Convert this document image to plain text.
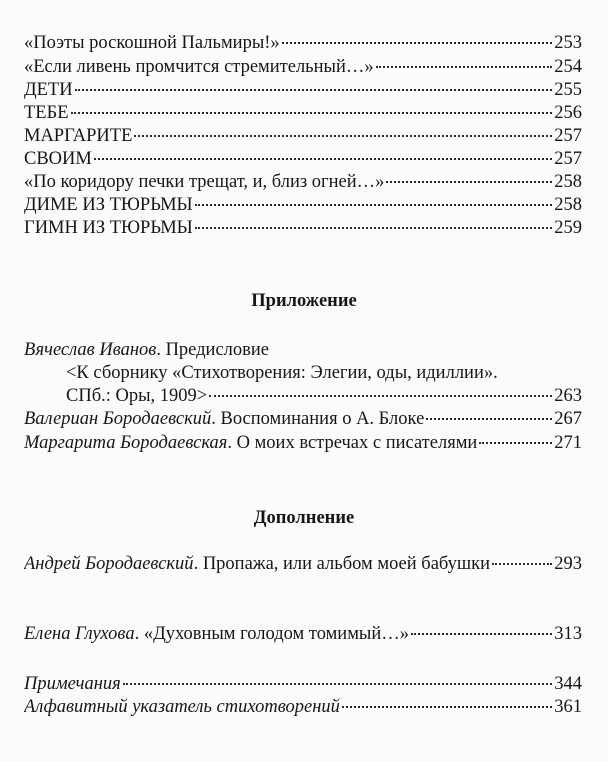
«Поэты роскошной Пальмиры!»	253
«Если ливень промчится стремительный…»	254
ДЕТИ	255
ТЕБЕ	256
МАРГАРИТЕ	257
СВОИМ	257
«По коридору печки трещат, и, близ огней…»	258
ДИМЕ ИЗ ТЮРЬМЫ	258
ГИМН ИЗ ТЮРЬМЫ	259
Приложение
Вячеслав Иванов. Предисловие
<К сборнику «Стихотворения: Элегии, оды, идиллии».
СПб.: Оры, 1909>	263
Валериан Бородаевский. Воспоминания о А. Блоке	267
Маргарита Бородаевская. О моих встречах с писателями	271
Дополнение
Андрей Бородаевский. Пропажа, или альбом моей бабушки	293
Елена Глухова. «Духовным голодом томимый…»	313
Примечания	344
Алфавитный указатель стихотворений	361
